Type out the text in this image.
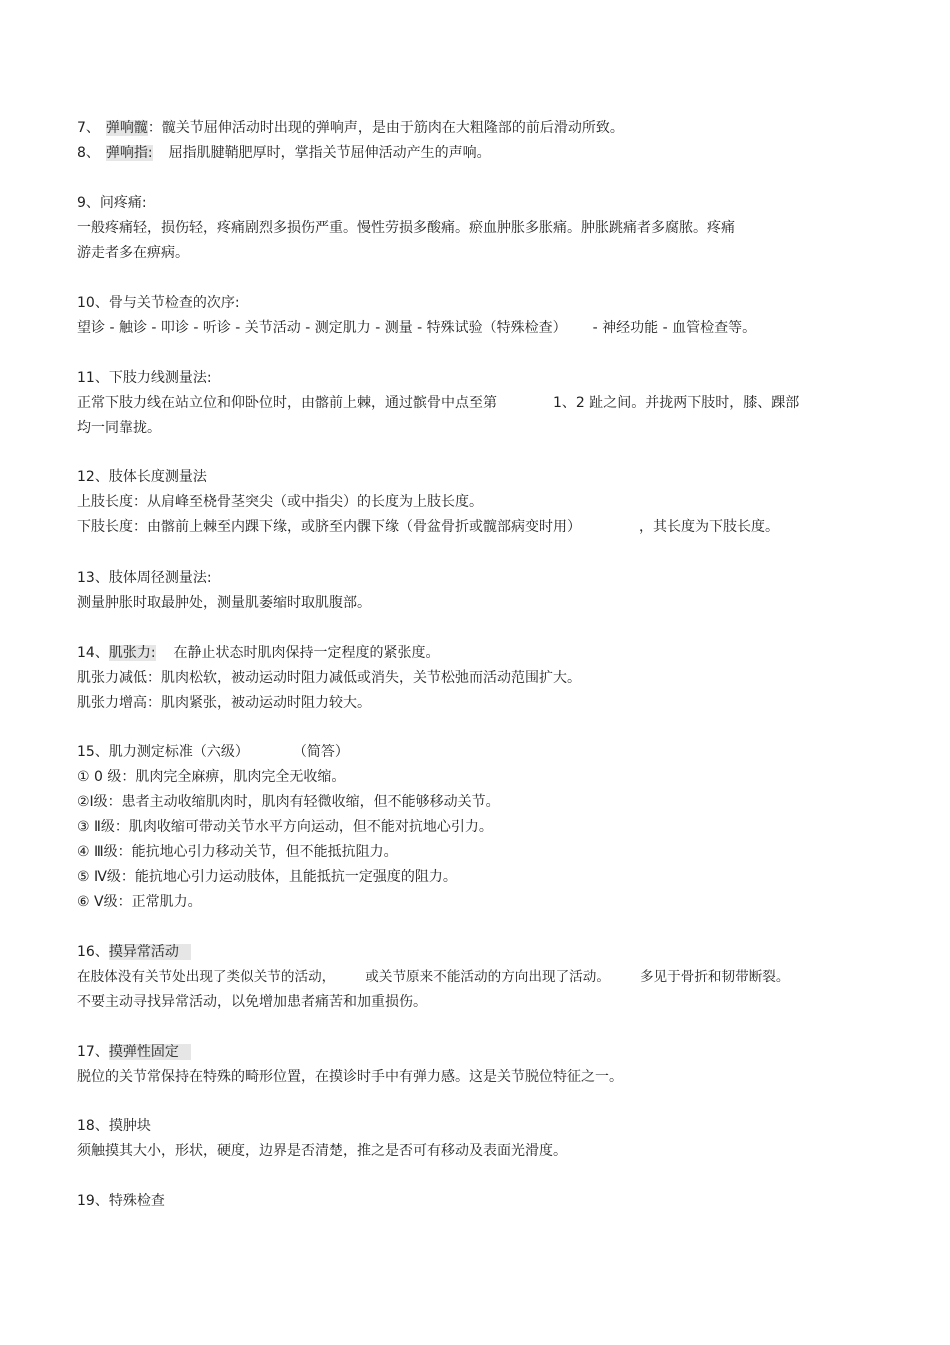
7、 弹响髋：髋关节屈伸活动时出现的弹响声，是由于筋肉在大粗隆部的前后滑动所致。
8、 弹响指: 屈指肌腱鞘肥厚时，掌指关节屈伸活动产生的声响。
9、问疼痛:
一般疼痛轻，损伤轻，疼痛剧烈多损伤严重。慢性劳损多酸痛。瘀血肿胀多胀痛。肿胀跳痛者多腐脓。疼痛
游走者多在痹病。
10、骨与关节检查的次序:
望诊 - 触诊 - 叩诊 - 听诊 - 关节活动 - 测定肌力 - 测量 - 特殊试验（特殊检查） - 神经功能 - 血管检查等。
11、下肢力线测量法:
正常下肢力线在站立位和仰卧位时，由髂前上棘，通过髌骨中点至第	1、2 趾之间。并拢两下肢时，膝、踝部
均一同靠拢。
12、肢体长度测量法
上肢长度：从肩峰至桡骨茎突尖（或中指尖）的长度为上肢长度。
下肢长度：由髂前上棘至内踝下缘，或脐至内髁下缘（骨盆骨折或髋部病变时用）	，其长度为下肢长度。
13、肢体周径测量法:
测量肿胀时取最肿处，测量肌萎缩时取肌腹部。
14、肌张力: 在静止状态时肌肉保持一定程度的紧张度。
肌张力减低：肌肉松软，被动运动时阻力减低或消失，关节松弛而活动范围扩大。
肌张力增高：肌肉紧张，被动运动时阻力较大。
15、肌力测定标准（六级）	（简答）
① 0 级：肌肉完全麻痹，肌肉完全无收缩。
②Ⅰ级：患者主动收缩肌肉时，肌肉有轻微收缩，但不能够移动关节。
③ Ⅱ级：肌肉收缩可带动关节水平方向运动，但不能对抗地心引力。
④ Ⅲ级：能抗地心引力移动关节，但不能抵抗阻力。
⑤ Ⅳ级：能抗地心引力运动肢体，且能抵抗一定强度的阻力。
⑥ Ⅴ级：正常肌力。
16、摸异常活动
在肢体没有关节处出现了类似关节的活动， 或关节原来不能活动的方向出现了活动。 多见于骨折和韧带断裂。
不要主动寻找异常活动，以免增加患者痛苦和加重损伤。
17、摸弹性固定
脱位的关节常保持在特殊的畸形位置，在摸诊时手中有弹力感。这是关节脱位特征之一。
18、摸肿块
须触摸其大小，形状，硬度，边界是否清楚，推之是否可有移动及表面光滑度。
19、特殊检查
